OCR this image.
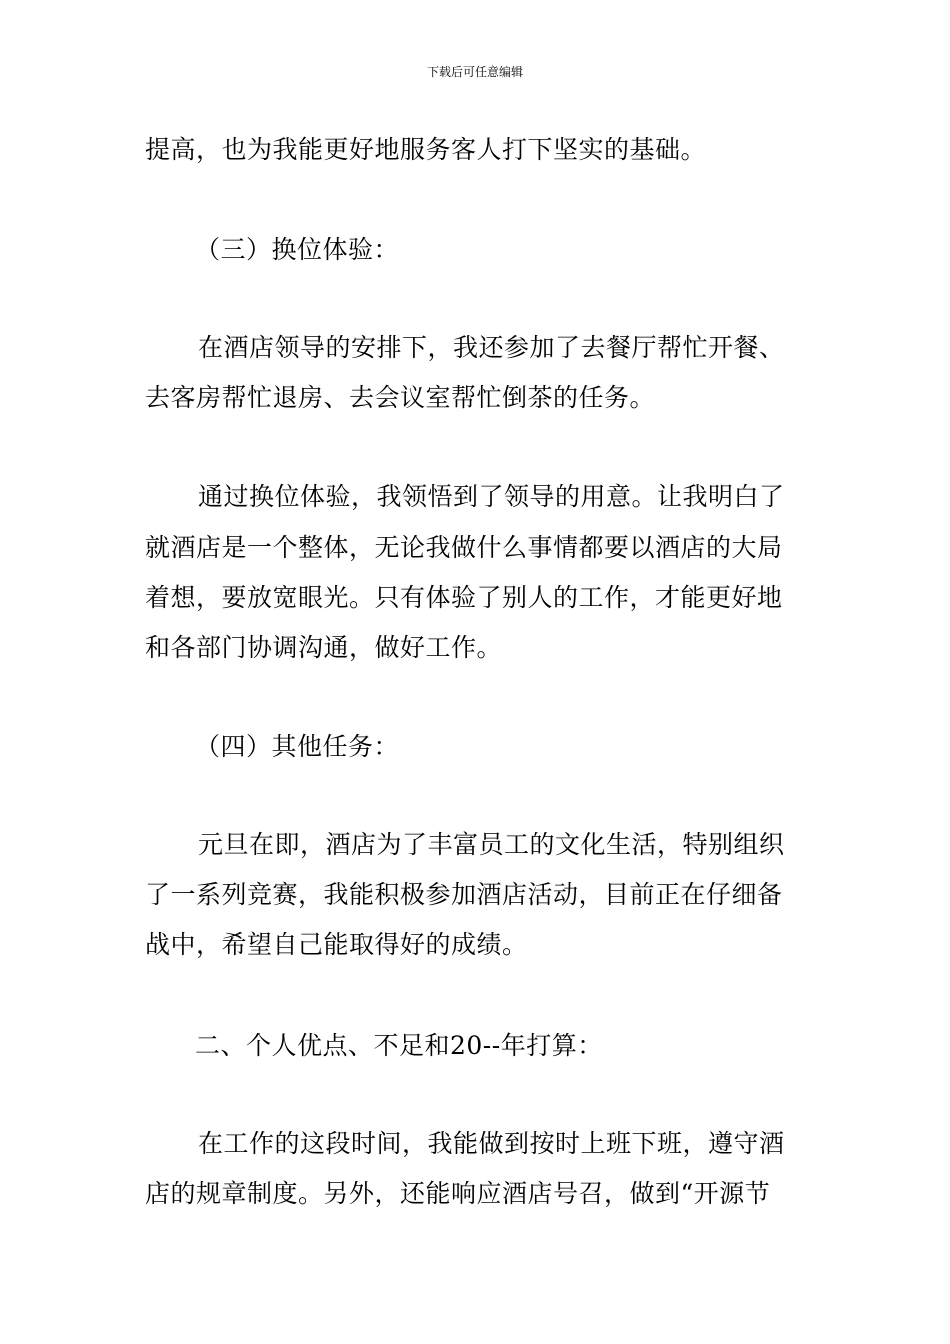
下载后可任意编辑
提高，也为我能更好地服务客人打下坚实的基础。
（三）换位体验：
在酒店领导的安排下，我还参加了去餐厅帮忙开餐、
去客房帮忙退房、去会议室帮忙倒茶的任务。
通过换位体验，我领悟到了领导的用意。让我明白了
就酒店是一个整体，无论我做什么事情都要以酒店的大局
着想，要放宽眼光。只有体验了别人的工作，才能更好地
和各部门协调沟通，做好工作。
（四）其他任务：
元旦在即，酒店为了丰富员工的文化生活，特别组织
了一系列竞赛，我能积极参加酒店活动，目前正在仔细备
战中，希望自己能取得好的成绩。
二、个人优点、不足和20--年打算：
在工作的这段时间，我能做到按时上班下班，遵守酒
店的规章制度。另外，还能响应酒店号召，做到“开源节
